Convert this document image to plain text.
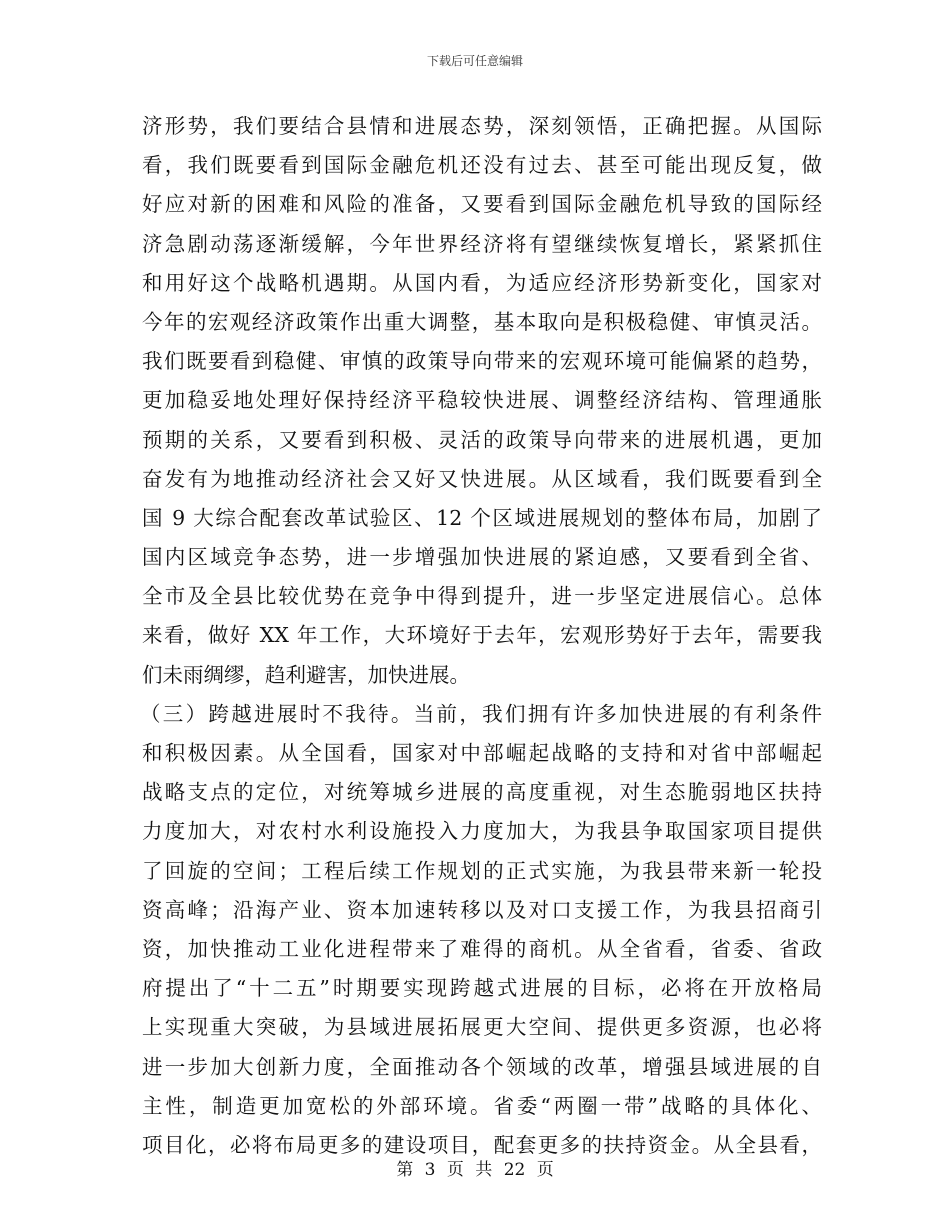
下载后可任意编辑
济形势，我们要结合县情和进展态势，深刻领悟，正确把握。从国际
看，我们既要看到国际金融危机还没有过去、甚至可能出现反复，做
好应对新的困难和风险的准备，又要看到国际金融危机导致的国际经
济急剧动荡逐渐缓解，今年世界经济将有望继续恢复增长，紧紧抓住
和用好这个战略机遇期。从国内看，为适应经济形势新变化，国家对
今年的宏观经济政策作出重大调整，基本取向是积极稳健、审慎灵活。
我们既要看到稳健、审慎的政策导向带来的宏观环境可能偏紧的趋势，
更加稳妥地处理好保持经济平稳较快进展、调整经济结构、管理通胀
预期的关系，又要看到积极、灵活的政策导向带来的进展机遇，更加
奋发有为地推动经济社会又好又快进展。从区域看，我们既要看到全
国 9 大综合配套改革试验区、12 个区域进展规划的整体布局，加剧了
国内区域竞争态势，进一步增强加快进展的紧迫感，又要看到全省、
全市及全县比较优势在竞争中得到提升，进一步坚定进展信心。总体
来看，做好 XX 年工作，大环境好于去年，宏观形势好于去年，需要我
们未雨绸缪，趋利避害，加快进展。
（三）跨越进展时不我待。当前，我们拥有许多加快进展的有利条件
和积极因素。从全国看，国家对中部崛起战略的支持和对省中部崛起
战略支点的定位，对统筹城乡进展的高度重视，对生态脆弱地区扶持
力度加大，对农村水利设施投入力度加大，为我县争取国家项目提供
了回旋的空间；工程后续工作规划的正式实施，为我县带来新一轮投
资高峰；沿海产业、资本加速转移以及对口支援工作，为我县招商引
资，加快推动工业化进程带来了难得的商机。从全省看，省委、省政
府提出了“十二五”时期要实现跨越式进展的目标，必将在开放格局
上实现重大突破，为县域进展拓展更大空间、提供更多资源，也必将
进一步加大创新力度，全面推动各个领域的改革，增强县域进展的自
主性，制造更加宽松的外部环境。省委“两圈一带”战略的具体化、
项目化，必将布局更多的建设项目，配套更多的扶持资金。从全县看，
第 3 页 共 22 页
